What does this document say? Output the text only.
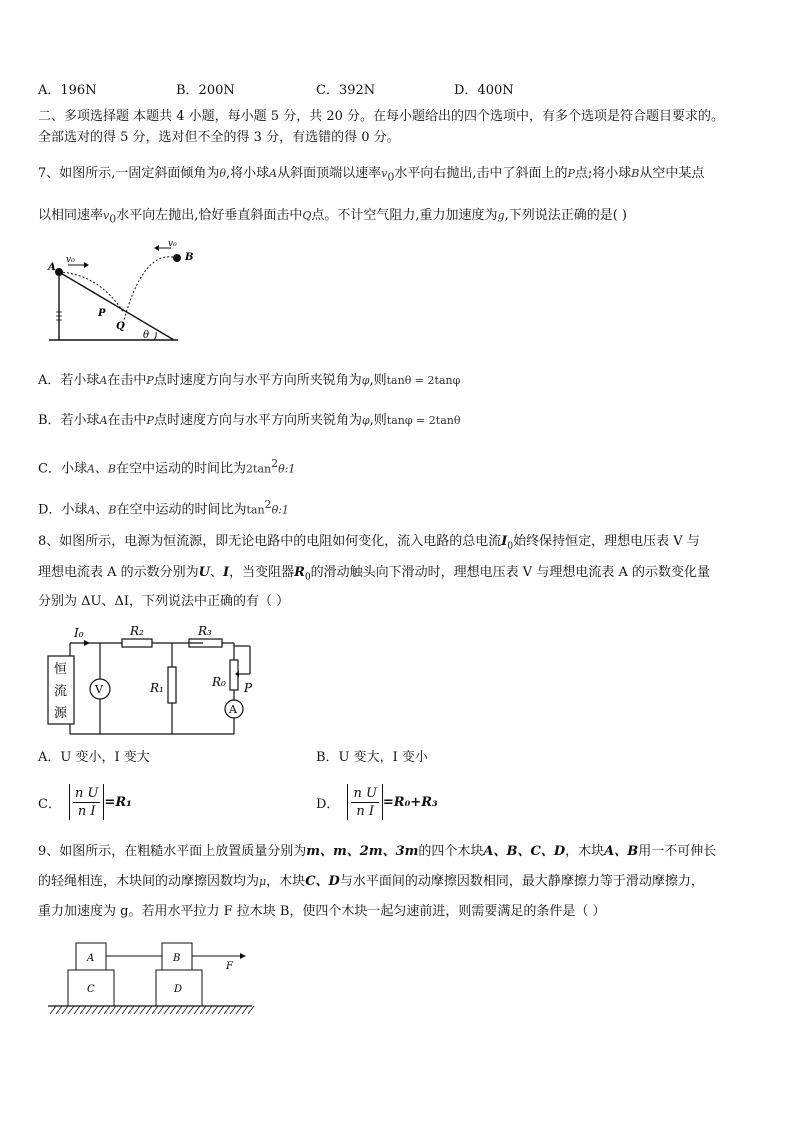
A．196N	B．200N	C．392N	D．400N
二、多项选择题 本题共 4 小题，每小题 5 分，共 20 分。在每小题给出的四个选项中，有多个选项是符合题目要求的。
全部选对的得 5 分，选对但不全的得 3 分，有选错的得 0 分。
7、如图所示,一固定斜面倾角为θ,将小球A从斜面顶端以速率$v_0$水平向右抛出,击中了斜面上的P点;将小球B从空中某点
以相同速率$v_0$水平向左抛出,恰好垂直斜面击中Q点。不计空气阻力,重力加速度为g,下列说法正确的是( )
A
v₀	B
v₀
P
Q
θ
A．若小球A在击中P点时速度方向与水平方向所夹锐角为φ,则tanθ = 2tanφ
B．若小球A在击中P点时速度方向与水平方向所夹锐角为φ,则tanφ = 2tanθ
C．小球A、B在空中运动的时间比为$2\tan^2\theta:1$
D．小球A、B在空中运动的时间比为$\tan^2\theta:1$
8、如图所示，电源为恒流源，即无论电路中的电阻如何变化，流入电路的总电流$I_0$始终保持恒定，理想电压表 V 与
理想电流表 A 的示数分别为U、I，当变阻器$R_0$的滑动触头向下滑动时，理想电压表 V 与理想电流表 A 的示数变化量
分别为 ΔU、ΔI，下列说法中正确的有（ ）
恒
流
源
V
A
I₀	R₂	R₃
R₁	R₀ P
A．U 变小，I 变大	B．U 变大，I 变小
C． $\frac{\text{n U}}{\text{n I}} =R_1$	D． $\frac{\text{n U}}{\text{n I}} =R_0+R_3$
9、如图所示，在粗糙水平面上放置质量分别为m、m、2m、3m的四个木块A、B、C、D，木块A、B用一不可伸长
的轻绳相连，木块间的动摩擦因数均为μ，木块C、D与水平面间的动摩擦因数相同，最大静摩擦力等于滑动摩擦力，
重力加速度为 g。若用水平拉力 F 拉木块 B，使四个木块一起匀速前进，则需要满足的条件是（ ）
A	B
C	D
F
